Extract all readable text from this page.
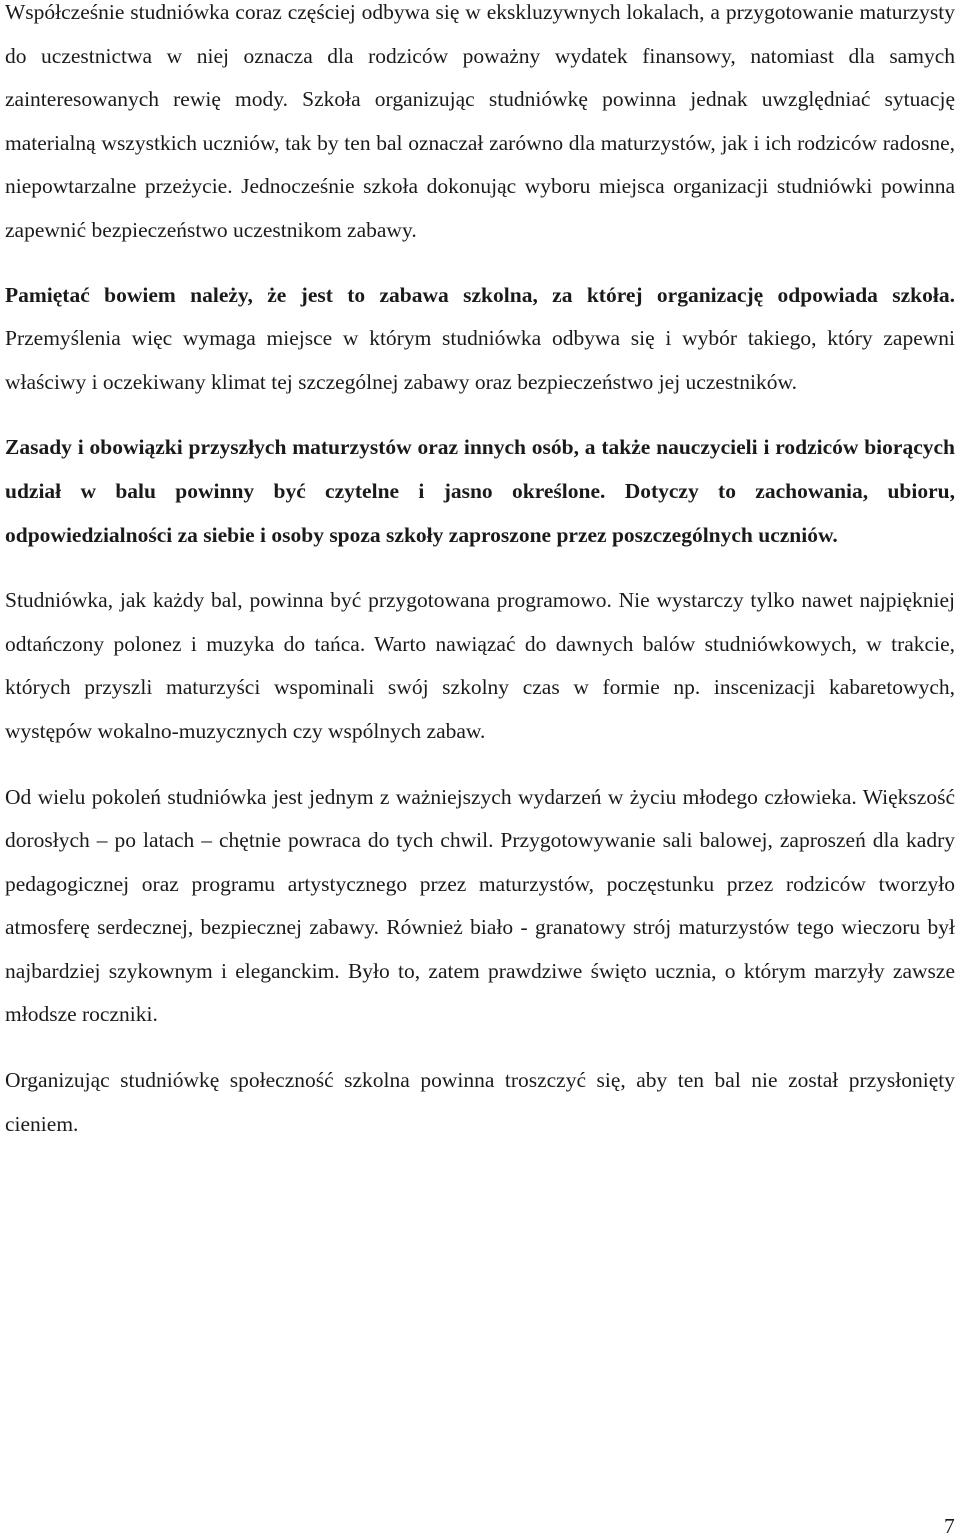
Współcześnie studniówka coraz częściej odbywa się w ekskluzywnych lokalach, a przygotowanie maturzysty do uczestnictwa w niej oznacza dla rodziców poważny wydatek finansowy, natomiast dla samych zainteresowanych rewię mody. Szkoła organizując studniówkę powinna jednak uwzględniać sytuację materialną wszystkich uczniów, tak by ten bal oznaczał zarówno dla maturzystów, jak i ich rodziców radosne, niepowtarzalne przeżycie. Jednocześnie szkoła dokonując wyboru miejsca organizacji studniówki powinna zapewnić bezpieczeństwo uczestnikom zabawy.

Pamiętać bowiem należy, że jest to zabawa szkolna, za której organizację odpowiada szkoła. Przemyślenia więc wymaga miejsce w którym studniówka odbywa się i wybór takiego, który zapewni właściwy i oczekiwany klimat tej szczególnej zabawy oraz bezpieczeństwo jej uczestników.

Zasady i obowiązki przyszłych maturzystów oraz innych osób, a także nauczycieli i rodziców biorących udział w balu powinny być czytelne i jasno określone. Dotyczy to zachowania, ubioru, odpowiedzialności za siebie i osoby spoza szkoły zaproszone przez poszczególnych uczniów.

Studniówka, jak każdy bal, powinna być przygotowana programowo. Nie wystarczy tylko nawet najpiękniej odtańczony polonez i muzyka do tańca. Warto nawiązać do dawnych balów studniówkowych, w trakcie, których przyszli maturzyści wspominali swój szkolny czas w formie np. inscenizacji kabaretowych, występów wokalno-muzycznych czy wspólnych zabaw.

Od wielu pokoleń studniówka jest jednym z ważniejszych wydarzeń w życiu młodego człowieka. Większość dorosłych – po latach – chętnie powraca do tych chwil. Przygotowywanie sali balowej, zaproszeń dla kadry pedagogicznej oraz programu artystycznego przez maturzystów, poczęstunku przez rodziców tworzyło atmosferę serdecznej, bezpiecznej zabawy. Również biało - granatowy strój maturzystów tego wieczoru był najbardziej szykownym i eleganckim. Było to, zatem prawdziwe święto ucznia, o którym marzyły zawsze młodsze roczniki.

Organizując studniówkę społeczność szkolna powinna troszczyć się, aby ten bal nie został przysłonięty cieniem.

7
